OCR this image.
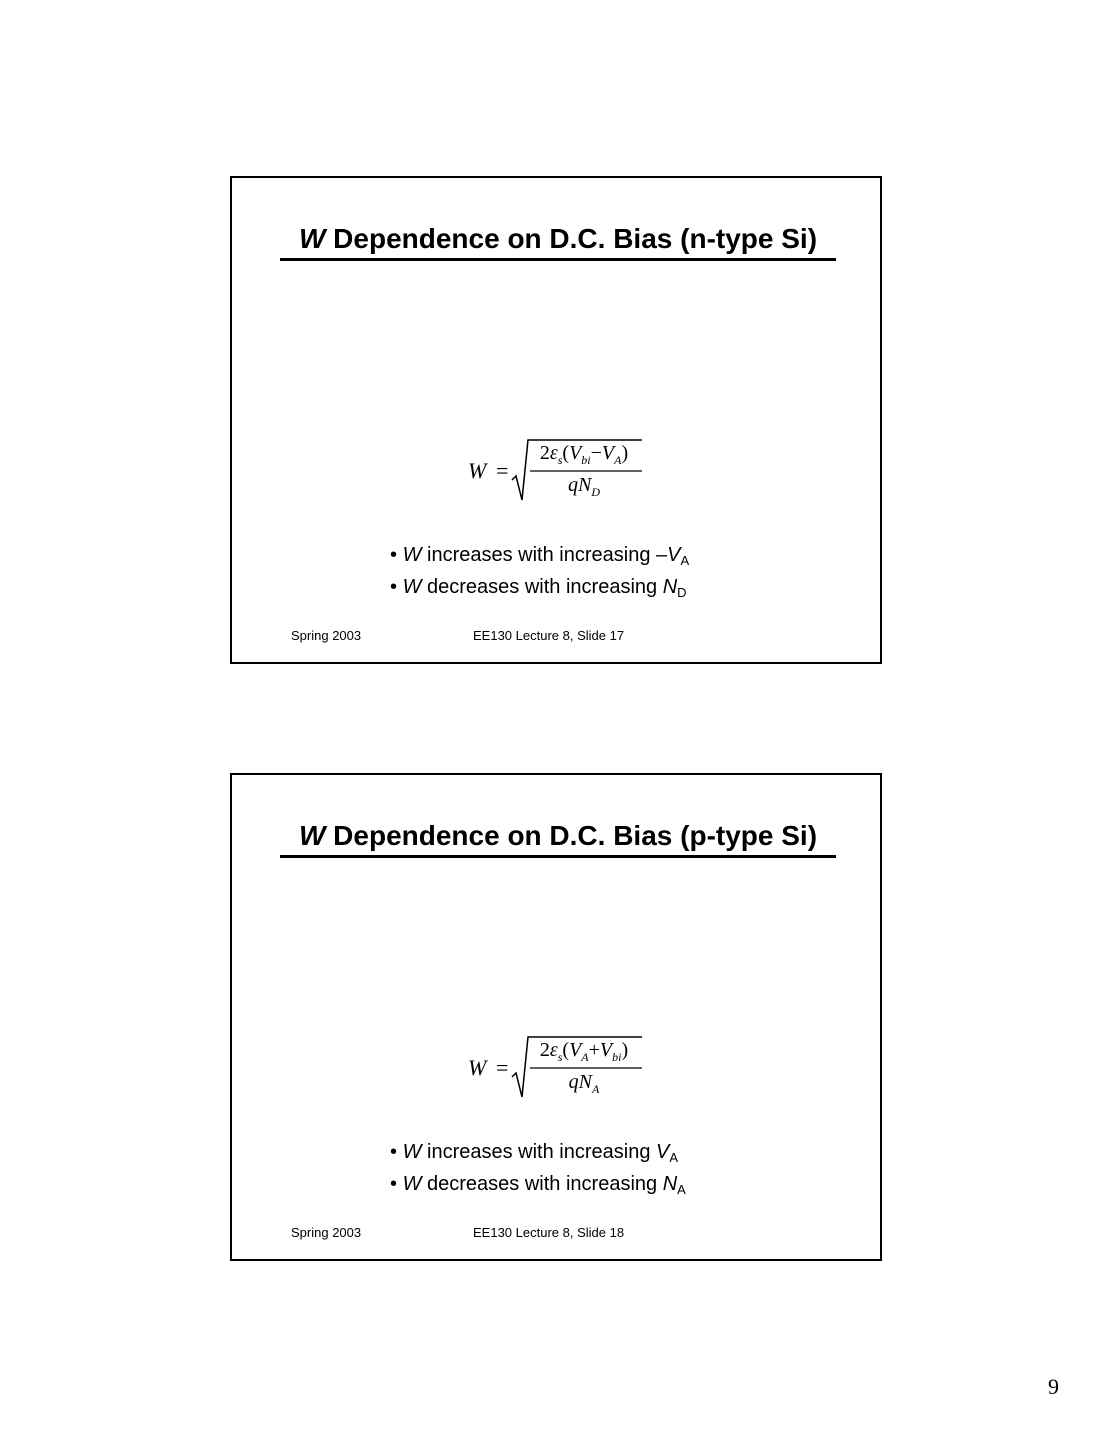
W Dependence on D.C. Bias (n-type Si)
W =
$2\varepsilon_s(V_{bi}-V_A)$
$qN_D$
• W increases with increasing $-V_A$
• W decreases with increasing $N_D$
Spring 2003	EE130 Lecture 8, Slide 17
W Dependence on D.C. Bias (p-type Si)
W =
$2\varepsilon_s(V_A+V_{bi})$
$qN_A$
• W increases with increasing $V_A$
• W decreases with increasing $N_A$
Spring 2003	EE130 Lecture 8, Slide 18
9
